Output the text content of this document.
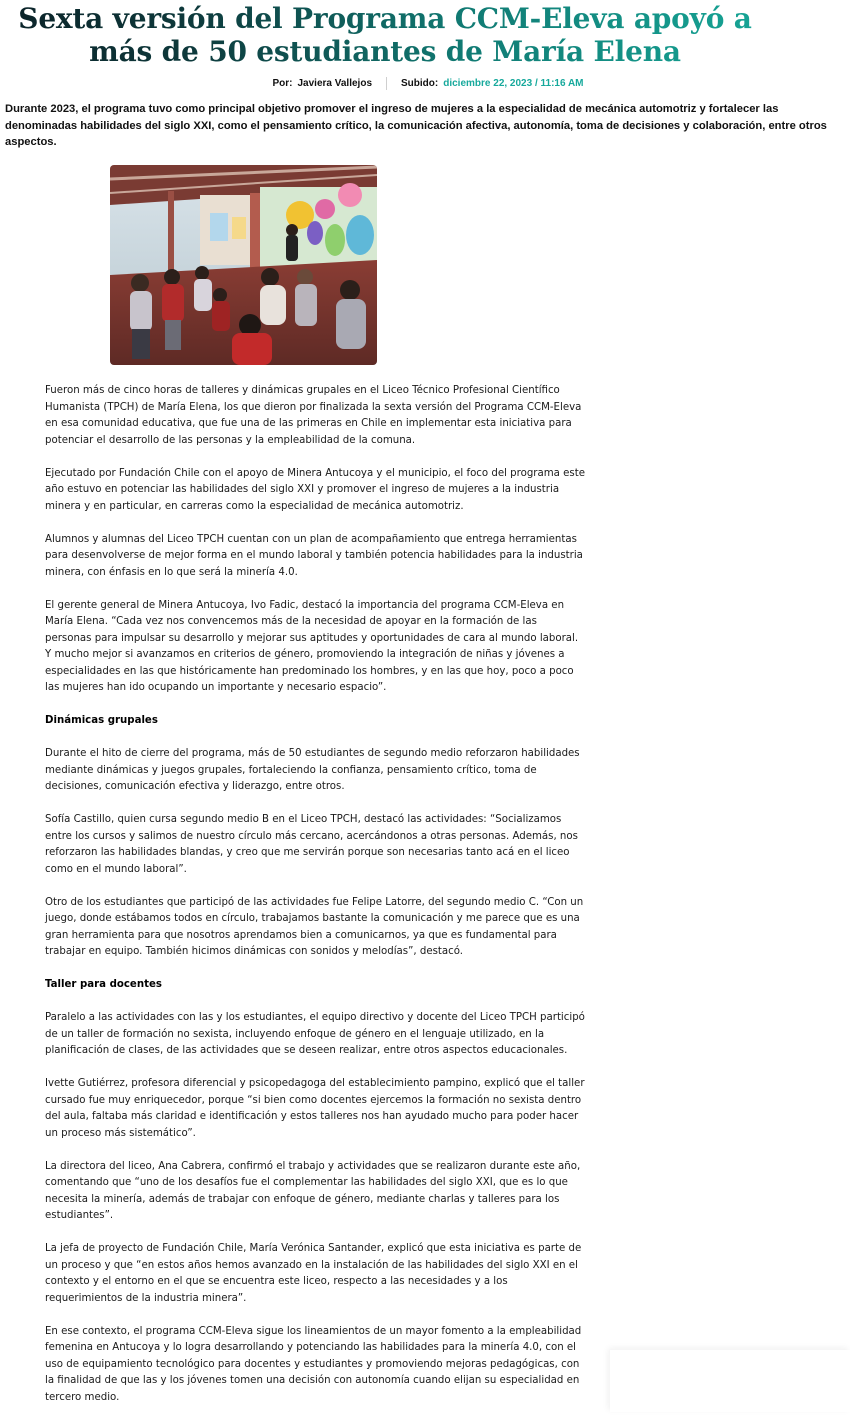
Sexta versión del Programa CCM-Eleva apoyó a más de 50 estudiantes de María Elena
Por: Javiera Vallejos	Subido: diciembre 22, 2023 / 11:16 AM

Durante 2023, el programa tuvo como principal objetivo promover el ingreso de mujeres a la especialidad de mecánica automotriz y fortalecer las denominadas habilidades del siglo XXI, como el pensamiento crítico, la comunicación afectiva, autonomía, toma de decisiones y colaboración, entre otros aspectos.

Fueron más de cinco horas de talleres y dinámicas grupales en el Liceo Técnico Profesional Científico Humanista (TPCH) de María Elena, los que dieron por finalizada la sexta versión del Programa CCM-Eleva en esa comunidad educativa, que fue una de las primeras en Chile en implementar esta iniciativa para potenciar el desarrollo de las personas y la empleabilidad de la comuna.

Ejecutado por Fundación Chile con el apoyo de Minera Antucoya y el municipio, el foco del programa este año estuvo en potenciar las habilidades del siglo XXI y promover el ingreso de mujeres a la industria minera y en particular, en carreras como la especialidad de mecánica automotriz.

Alumnos y alumnas del Liceo TPCH cuentan con un plan de acompañamiento que entrega herramientas para desenvolverse de mejor forma en el mundo laboral y también potencia habilidades para la industria minera, con énfasis en lo que será la minería 4.0.

El gerente general de Minera Antucoya, Ivo Fadic, destacó la importancia del programa CCM-Eleva en María Elena. “Cada vez nos convencemos más de la necesidad de apoyar en la formación de las personas para impulsar su desarrollo y mejorar sus aptitudes y oportunidades de cara al mundo laboral. Y mucho mejor si avanzamos en criterios de género, promoviendo la integración de niñas y jóvenes a especialidades en las que históricamente han predominado los hombres, y en las que hoy, poco a poco las mujeres han ido ocupando un importante y necesario espacio”.

Dinámicas grupales

Durante el hito de cierre del programa, más de 50 estudiantes de segundo medio reforzaron habilidades mediante dinámicas y juegos grupales, fortaleciendo la confianza, pensamiento crítico, toma de decisiones, comunicación efectiva y liderazgo, entre otros.

Sofía Castillo, quien cursa segundo medio B en el Liceo TPCH, destacó las actividades: “Socializamos entre los cursos y salimos de nuestro círculo más cercano, acercándonos a otras personas. Además, nos reforzaron las habilidades blandas, y creo que me servirán porque son necesarias tanto acá en el liceo como en el mundo laboral”.

Otro de los estudiantes que participó de las actividades fue Felipe Latorre, del segundo medio C. “Con un juego, donde estábamos todos en círculo, trabajamos bastante la comunicación y me parece que es una gran herramienta para que nosotros aprendamos bien a comunicarnos, ya que es fundamental para trabajar en equipo. También hicimos dinámicas con sonidos y melodías”, destacó.

Taller para docentes

Paralelo a las actividades con las y los estudiantes, el equipo directivo y docente del Liceo TPCH participó de un taller de formación no sexista, incluyendo enfoque de género en el lenguaje utilizado, en la planificación de clases, de las actividades que se deseen realizar, entre otros aspectos educacionales.

Ivette Gutiérrez, profesora diferencial y psicopedagoga del establecimiento pampino, explicó que el taller cursado fue muy enriquecedor, porque “si bien como docentes ejercemos la formación no sexista dentro del aula, faltaba más claridad e identificación y estos talleres nos han ayudado mucho para poder hacer un proceso más sistemático”.

La directora del liceo, Ana Cabrera, confirmó el trabajo y actividades que se realizaron durante este año, comentando que “uno de los desafíos fue el complementar las habilidades del siglo XXI, que es lo que necesita la minería, además de trabajar con enfoque de género, mediante charlas y talleres para los estudiantes”.

La jefa de proyecto de Fundación Chile, María Verónica Santander, explicó que esta iniciativa es parte de un proceso y que “en estos años hemos avanzado en la instalación de las habilidades del siglo XXI en el contexto y el entorno en el que se encuentra este liceo, respecto a las necesidades y a los requerimientos de la industria minera”.

En ese contexto, el programa CCM-Eleva sigue los lineamientos de un mayor fomento a la empleabilidad femenina en Antucoya y lo logra desarrollando y potenciando las habilidades para la minería 4.0, con el uso de equipamiento tecnológico para docentes y estudiantes y promoviendo mejoras pedagógicas, con la finalidad de que las y los jóvenes tomen una decisión con autonomía cuando elijan su especialidad en tercero medio.
